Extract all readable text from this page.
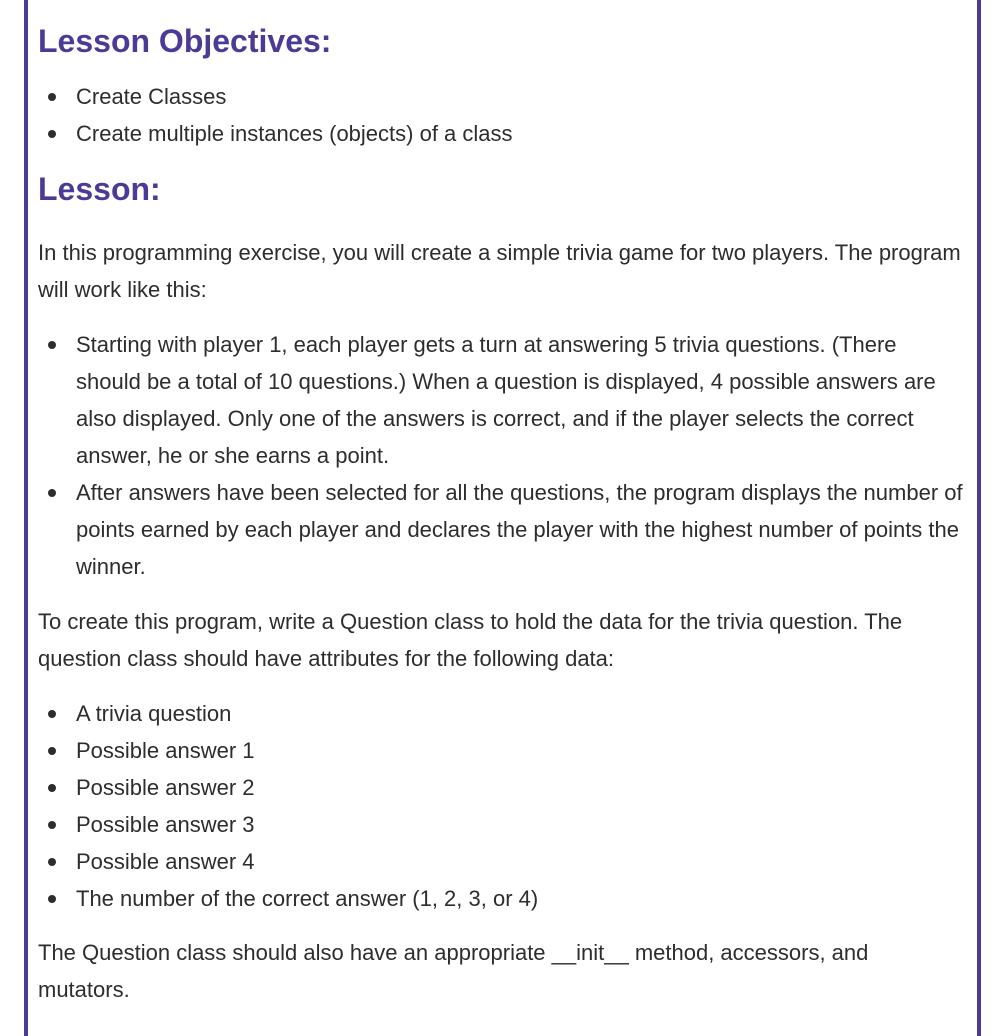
Lesson Objectives:
Create Classes
Create multiple instances (objects) of a class
Lesson:

In this programming exercise, you will create a simple trivia game for two players. The program will work like this:

Starting with player 1, each player gets a turn at answering 5 trivia questions. (There should be a total of 10 questions.) When a question is displayed, 4 possible answers are also displayed. Only one of the answers is correct, and if the player selects the correct answer, he or she earns a point.
After answers have been selected for all the questions, the program displays the number of points earned by each player and declares the player with the highest number of points the winner.

To create this program, write a Question class to hold the data for the trivia question. The question class should have attributes for the following data:

A trivia question
Possible answer 1
Possible answer 2
Possible answer 3
Possible answer 4
The number of the correct answer (1, 2, 3, or 4)

The Question class should also have an appropriate __init__ method, accessors, and mutators.
